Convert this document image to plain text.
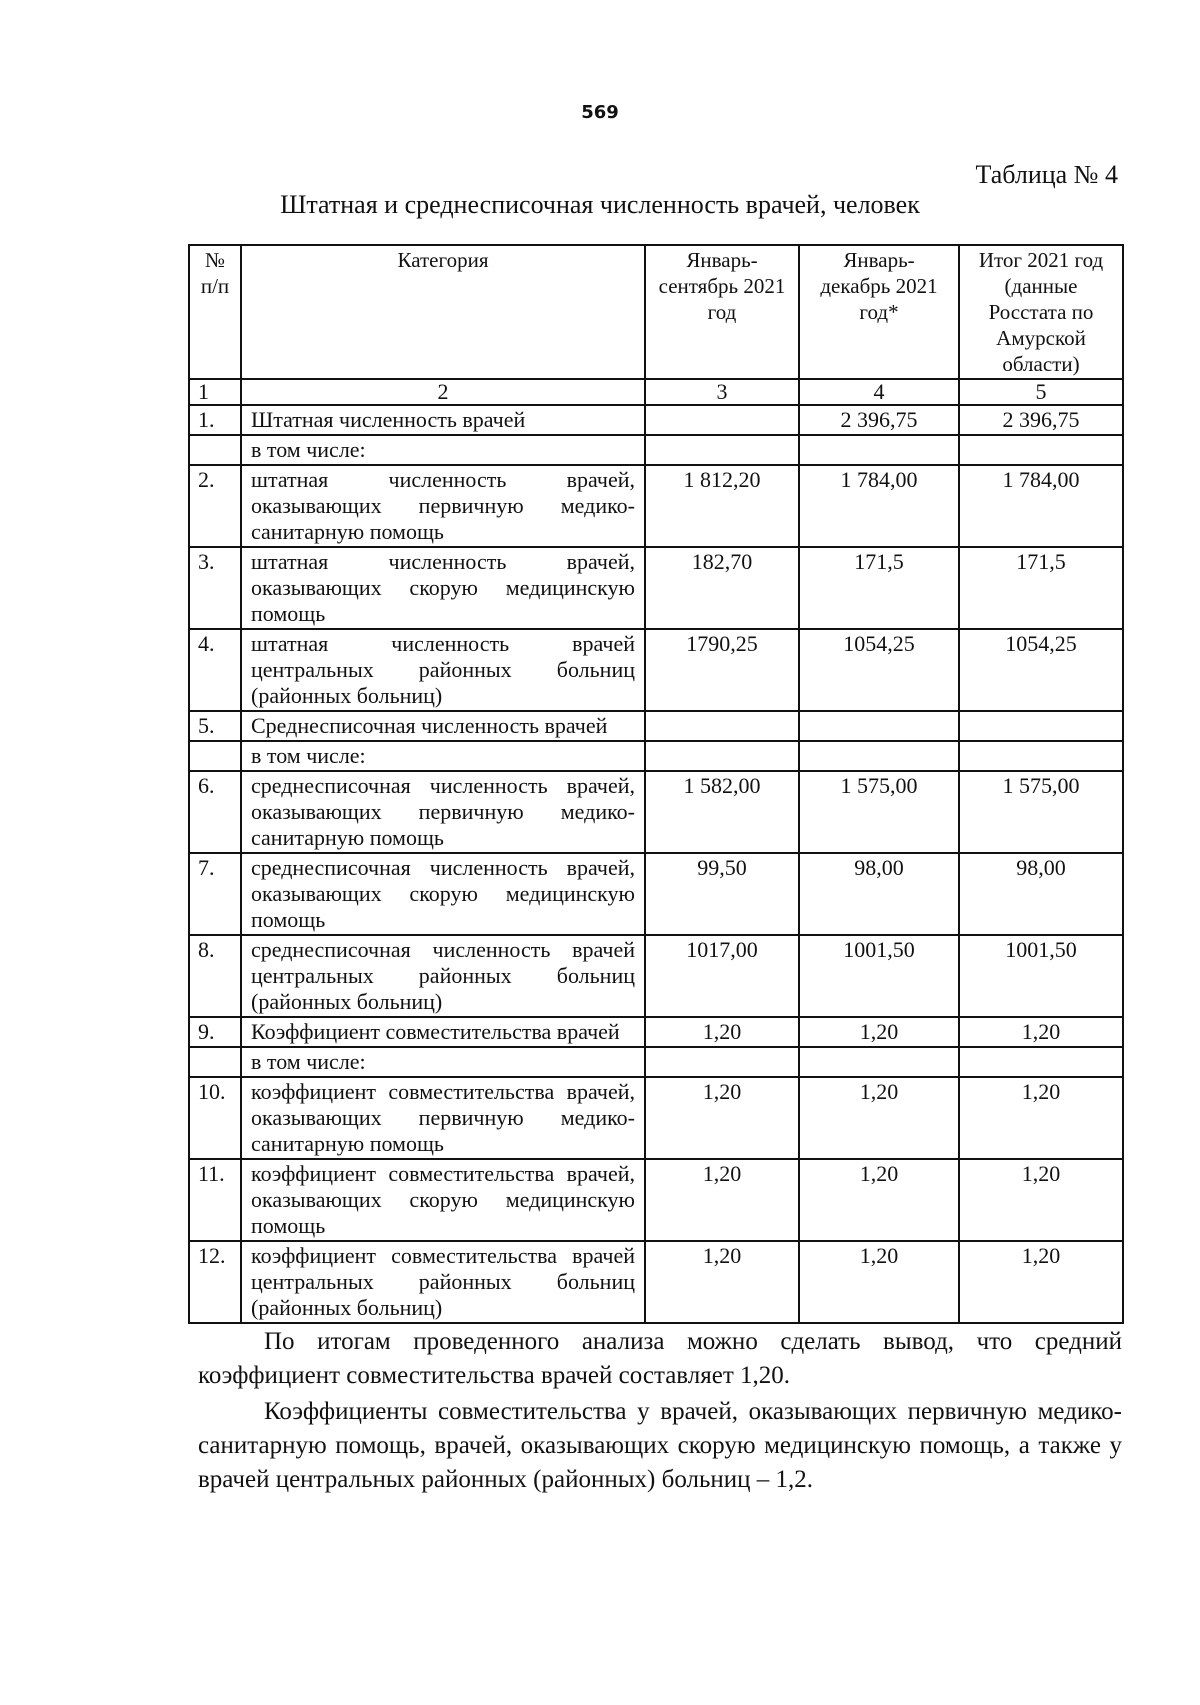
569
Таблица № 4
Штатная и среднесписочная численность врачей, человек
№ п/п	Категория	Январь-сентябрь 2021 год	Январь-декабрь 2021 год*	Итог 2021 год (данные Росстата по Амурской области)
1	2	3	4	5
1.	Штатная численность врачей		2 396,75	2 396,75
	в том числе:			
2.	штатная численность врачей, оказывающих первичную медико-санитарную помощь	1 812,20	1 784,00	1 784,00
3.	штатная численность врачей, оказывающих скорую медицинскую помощь	182,70	171,5	171,5
4.	штатная численность врачей центральных районных больниц (районных больниц)	1790,25	1054,25	1054,25
5.	Среднесписочная численность врачей			
	в том числе:			
6.	среднесписочная численность врачей, оказывающих первичную медико-санитарную помощь	1 582,00	1 575,00	1 575,00
7.	среднесписочная численность врачей, оказывающих скорую медицинскую помощь	99,50	98,00	98,00
8.	среднесписочная численность врачей центральных районных больниц (районных больниц)	1017,00	1001,50	1001,50
9.	Коэффициент совместительства врачей	1,20	1,20	1,20
	в том числе:			
10.	коэффициент совместительства врачей, оказывающих первичную медико-санитарную помощь	1,20	1,20	1,20
11.	коэффициент совместительства врачей, оказывающих скорую медицинскую помощь	1,20	1,20	1,20
12.	коэффициент совместительства врачей центральных районных больниц (районных больниц)	1,20	1,20	1,20
По итогам проведенного анализа можно сделать вывод, что средний коэффициент совместительства врачей составляет 1,20.
Коэффициенты совместительства у врачей, оказывающих первичную медико-санитарную помощь, врачей, оказывающих скорую медицинскую помощь, а также у врачей центральных районных (районных) больниц – 1,2.
